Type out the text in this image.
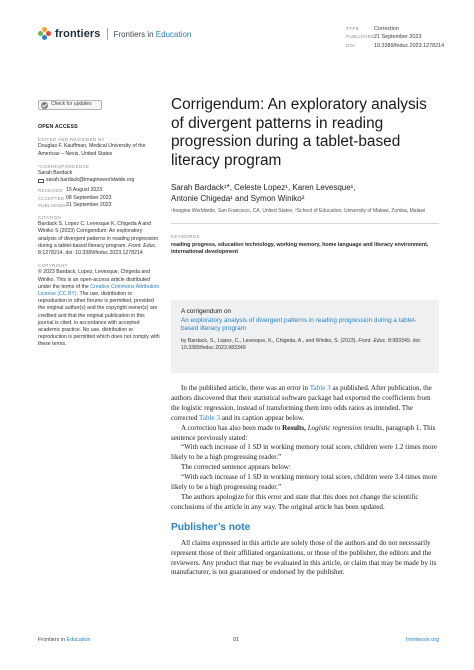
frontiers Frontiers in Education
TYPE	Correction
PUBLISHED21 September 2023
DOI	10.3389/feduc.2023.1278214
Check for updates
OPEN ACCESS
EDITED AND REVIEWED BY
Douglas F. Kauffman, Medical University of the Americas – Nevis, United States
*CORRESPONDENCE
Sarah Bardack
sarah.bardack@imagineworldwide.org
RECEIVED 15 August 2023
ACCEPTED 08 September 2023
PUBLISHED 21 September 2023
CITATION
Bardack S, Lopez C, Levesque K, Chigeda A and Winiko S (2023) Corrigendum: An exploratory analysis of divergent patterns in reading progression during a tablet-based literacy program. Front. Educ. 8:1278214. doi: 10.3389/feduc.2023.1278214
COPYRIGHT
© 2023 Bardack, Lopez, Levesque, Chigeda and Winiko. This is an open-access article distributed under the terms of the Creative Commons Attribution License (CC BY). The use, distribution or reproduction in other forums is permitted, provided the original author(s) and the copyright owner(s) are credited and that the original publication in this journal is cited, in accordance with accepted academic practice. No use, distribution or reproduction is permitted which does not comply with these terms.
Corrigendum: An exploratory analysis of divergent patterns in reading progression during a tablet-based literacy program
Sarah Bardack¹*, Celeste Lopez¹, Karen Levesque¹,
Antonie Chigeda¹ and Symon Winiko²
¹Imagine Worldwide, San Francisco, CA, United States, ²School of Education, University of Malawi, Zomba, Malawi
KEYWORDS
reading progress, education technology, working memory, home language and literacy environment, international development
A corrigendum on
An exploratory analysis of divergent patterns in reading progression during a tablet-based literacy program
by Bardack, S., Lopez, C., Levesque, K., Chigeda, A., and Winiko, S. (2023). Front. Educ. 8:983349. doi: 10.3389/feduc.2023.983349

In the published article, there was an error in Table 3 as published. After publication, the authors discovered that their statistical software package had exported the coefficients from the logistic regression, instead of transforming them into odds ratios as intended. The corrected Table 3 and its caption appear below.

A correction has also been made to Results, Logistic regression results, paragraph 1. This sentence previously stated:

“With each increase of 1 SD in working memory total score, children were 1.2 times more likely to be a high progressing reader.”

The corrected sentence appears below:

“With each increase of 1 SD in working memory total score, children were 3.4 times more likely to be a high progressing reader.”

The authors apologize for this error and state that this does not change the scientific conclusions of the article in any way. The original article has been updated.

Publisher’s note

All claims expressed in this article are solely those of the authors and do not necessarily represent those of their affiliated organizations, or those of the publisher, the editors and the reviewers. Any product that may be evaluated in this article, or claim that may be made by its manufacturer, is not guaranteed or endorsed by the publisher.

Frontiers in Education	01	frontiersin.org
